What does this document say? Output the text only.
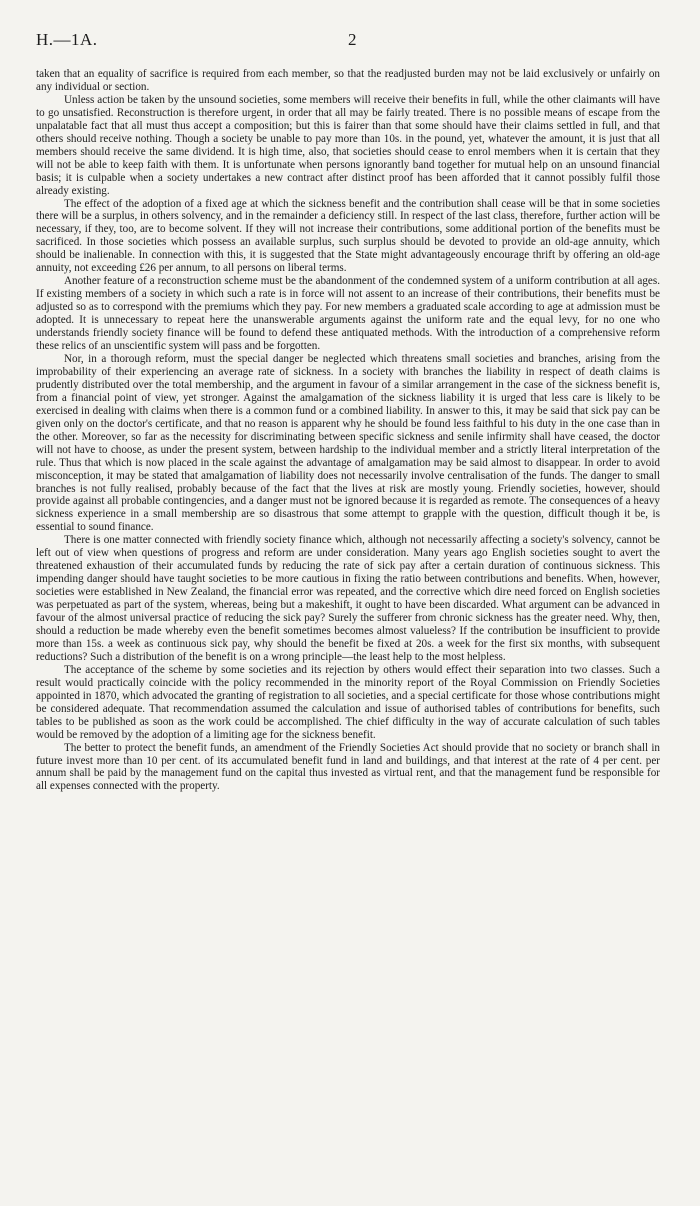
H.—1A.	2

taken that an equality of sacrifice is required from each member, so that the readjusted burden may not be laid exclusively or unfairly on any individual or section.

Unless action be taken by the unsound societies, some members will receive their benefits in full, while the other claimants will have to go unsatisfied. Reconstruction is therefore urgent, in order that all may be fairly treated. There is no possible means of escape from the unpalatable fact that all must thus accept a composition; but this is fairer than that some should have their claims settled in full, and that others should receive nothing. Though a society be unable to pay more than 10s. in the pound, yet, whatever the amount, it is just that all members should receive the same dividend. It is high time, also, that societies should cease to enrol members when it is certain that they will not be able to keep faith with them. It is unfortunate when persons ignorantly band together for mutual help on an unsound financial basis; it is culpable when a society undertakes a new contract after distinct proof has been afforded that it cannot possibly fulfil those already existing.

The effect of the adoption of a fixed age at which the sickness benefit and the contribution shall cease will be that in some societies there will be a surplus, in others solvency, and in the remainder a deficiency still. In respect of the last class, therefore, further action will be necessary, if they, too, are to become solvent. If they will not increase their contributions, some additional portion of the benefits must be sacrificed. In those societies which possess an available surplus, such surplus should be devoted to provide an old-age annuity, which should be inalienable. In connection with this, it is suggested that the State might advantageously encourage thrift by offering an old-age annuity, not exceeding £26 per annum, to all persons on liberal terms.

Another feature of a reconstruction scheme must be the abandonment of the condemned system of a uniform contribution at all ages. If existing members of a society in which such a rate is in force will not assent to an increase of their contributions, their benefits must be adjusted so as to correspond with the premiums which they pay. For new members a graduated scale according to age at admission must be adopted. It is unnecessary to repeat here the unanswerable arguments against the uniform rate and the equal levy, for no one who understands friendly society finance will be found to defend these antiquated methods. With the introduction of a comprehensive reform these relics of an unscientific system will pass and be forgotten.

Nor, in a thorough reform, must the special danger be neglected which threatens small societies and branches, arising from the improbability of their experiencing an average rate of sickness. In a society with branches the liability in respect of death claims is prudently distributed over the total membership, and the argument in favour of a similar arrangement in the case of the sickness benefit is, from a financial point of view, yet stronger. Against the amalgamation of the sickness liability it is urged that less care is likely to be exercised in dealing with claims when there is a common fund or a combined liability. In answer to this, it may be said that sick pay can be given only on the doctor's certificate, and that no reason is apparent why he should be found less faithful to his duty in the one case than in the other. Moreover, so far as the necessity for discriminating between specific sickness and senile infirmity shall have ceased, the doctor will not have to choose, as under the present system, between hardship to the individual member and a strictly literal interpretation of the rule. Thus that which is now placed in the scale against the advantage of amalgamation may be said almost to disappear. In order to avoid misconception, it may be stated that amalgamation of liability does not necessarily involve centralisation of the funds. The danger to small branches is not fully realised, probably because of the fact that the lives at risk are mostly young. Friendly societies, however, should provide against all probable contingencies, and a danger must not be ignored because it is regarded as remote. The consequences of a heavy sickness experience in a small membership are so disastrous that some attempt to grapple with the question, difficult though it be, is essential to sound finance.

There is one matter connected with friendly society finance which, although not necessarily affecting a society's solvency, cannot be left out of view when questions of progress and reform are under consideration. Many years ago English societies sought to avert the threatened exhaustion of their accumulated funds by reducing the rate of sick pay after a certain duration of continuous sickness. This impending danger should have taught societies to be more cautious in fixing the ratio between contributions and benefits. When, however, societies were established in New Zealand, the financial error was repeated, and the corrective which dire need forced on English societies was perpetuated as part of the system, whereas, being but a makeshift, it ought to have been discarded. What argument can be advanced in favour of the almost universal practice of reducing the sick pay? Surely the sufferer from chronic sickness has the greater need. Why, then, should a reduction be made whereby even the benefit sometimes becomes almost valueless? If the contribution be insufficient to provide more than 15s. a week as continuous sick pay, why should the benefit be fixed at 20s. a week for the first six months, with subsequent reductions? Such a distribution of the benefit is on a wrong principle—the least help to the most helpless.

The acceptance of the scheme by some societies and its rejection by others would effect their separation into two classes. Such a result would practically coincide with the policy recommended in the minority report of the Royal Commission on Friendly Societies appointed in 1870, which advocated the granting of registration to all societies, and a special certificate for those whose contributions might be considered adequate. That recommendation assumed the calculation and issue of authorised tables of contributions for benefits, such tables to be published as soon as the work could be accomplished. The chief difficulty in the way of accurate calculation of such tables would be removed by the adoption of a limiting age for the sickness benefit.

The better to protect the benefit funds, an amendment of the Friendly Societies Act should provide that no society or branch shall in future invest more than 10 per cent. of its accumulated benefit fund in land and buildings, and that interest at the rate of 4 per cent. per annum shall be paid by the management fund on the capital thus invested as virtual rent, and that the management fund be responsible for all expenses connected with the property.
